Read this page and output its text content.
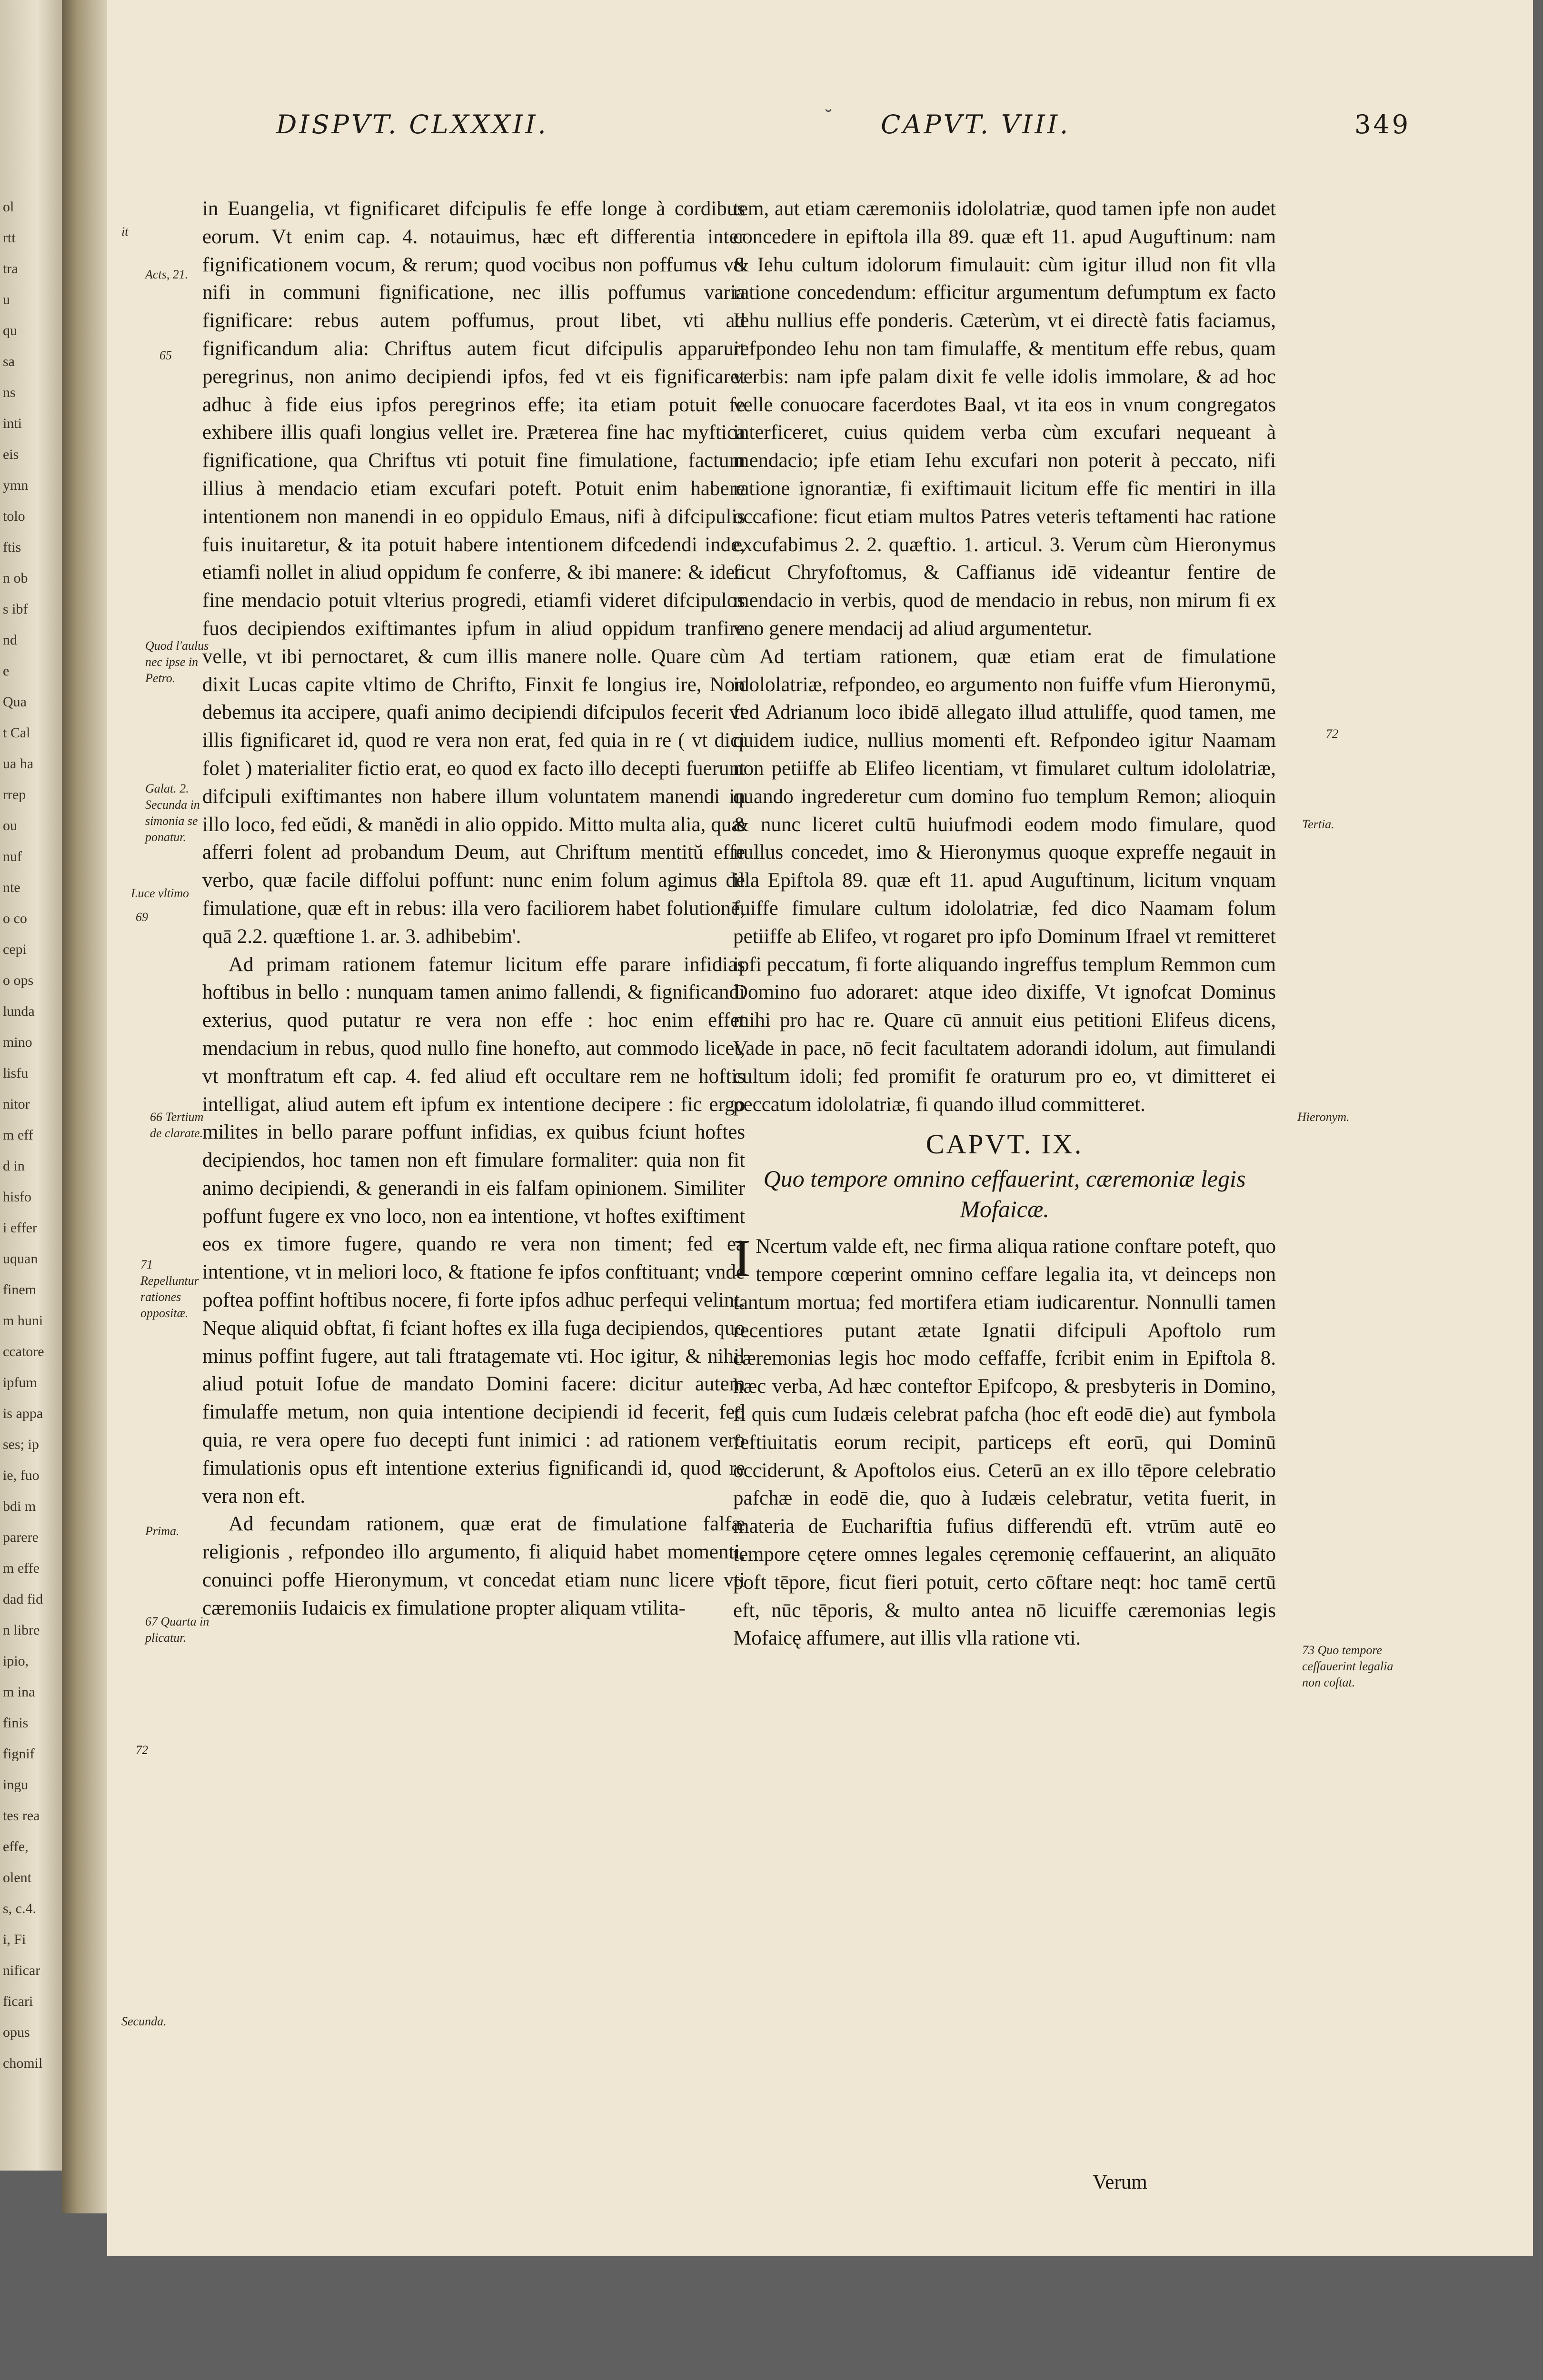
ol
rtt
tra
u
qu
sa
ns
inti
eis
ymn
tolo
ftis
n ob
s ibf
nd
e
Qua
t Cal
ua ha
rrep
ou
nuf
nte
o co
cepi
o ops
lunda
mino
lisfu
nitor
m eff
d in
hisfo
i effer
uquan
finem
m huni
ccatore
ipfum
is appa
ses; ip
ie, fuo
bdi m
parere
m effe
dad fid
n libre
ipio,
m ina
finis
fignif
ingu
tes rea
effe,
olent
s, c.4.
i, Fi
nificar
ficari
opus
chomil
DISPVT. CLXXXII.	˘ CAPVT. VIII.	349

in Euangelia, vt fignificaret difcipulis fe effe longe à cordibus eorum. Vt enim cap. 4. notauimus, hæc eft differentia inter fignificationem vocum, & rerum; quod vocibus non poffumus vti nifi in communi fignificatione, nec illis poffumus varia fignificare: rebus autem poffumus, prout libet, vti ad fignificandum alia: Chriftus autem ficut difcipulis apparuit peregrinus, non animo decipiendi ipfos, fed vt eis fignificaret adhuc à fide eius ipfos peregrinos effe; ita etiam potuit fe exhibere illis quafi longius vellet ire. Præterea fine hac myftica fignificatione, qua Chriftus vti potuit fine fimulatione, factum illius à mendacio etiam excufari poteft. Potuit enim habere intentionem non manendi in eo oppidulo Emaus, nifi à difcipulis fuis inuitaretur, & ita potuit habere intentionem difcedendi inde, etiamfi nollet in aliud oppidum fe conferre, & ibi manere: & ideo fine mendacio potuit vlterius progredi, etiamfi videret difcipulos fuos decipiendos exiftimantes ipfum in aliud oppidum tranfire velle, vt ibi pernoctaret, & cum illis manere nolle. Quare cùm dixit Lucas capite vltimo de Chrifto, Finxit fe longius ire, Non debemus ita accipere, quafi animo decipiendi difcipulos fecerit vt illis fignificaret id, quod re vera non erat, fed quia in re ( vt dici folet ) materialiter fictio erat, eo quod ex facto illo decepti fuerunt difcipuli exiftimantes non habere illum voluntatem manendi in illo loco, fed eŭdi, & manĕdi in alio oppido. Mitto multa alia, quæ afferri folent ad probandum Deum, aut Chriftum mentitŭ effe verbo, quæ facile diffolui poffunt: nunc enim folum agimus de fimulatione, quæ eft in rebus: illa vero faciliorem habet folutionē, quā 2.2. quæftione 1. ar. 3. adhibebim'.

Ad primam rationem fatemur licitum effe parare infidias hoftibus in bello : nunquam tamen animo fallendi, & fignificandi exterius, quod putatur re vera non effe : hoc enim effet mendacium in rebus, quod nullo fine honefto, aut commodo licet, vt monftratum eft cap. 4. fed aliud eft occultare rem ne hoftis intelligat, aliud autem eft ipfum ex intentione decipere : fic ergo milites in bello parare poffunt infidias, ex quibus fciunt hoftes decipiendos, hoc tamen non eft fimulare formaliter: quia non fit animo decipiendi, & generandi in eis falfam opinionem. Similiter poffunt fugere ex vno loco, non ea intentione, vt hoftes exiftiment eos ex timore fugere, quando re vera non timent; fed ea intentione, vt in meliori loco, & ftatione fe ipfos conftituant; vnde poftea poffint hoftibus nocere, fi forte ipfos adhuc perfequi velint. Neque aliquid obftat, fi fciant hoftes ex illa fuga decipiendos, quo minus poffint fugere, aut tali ftratagemate vti. Hoc igitur, & nihil aliud potuit Iofue de mandato Domini facere: dicitur autem fimulaffe metum, non quia intentione decipiendi id fecerit, fed quia, re vera opere fuo decepti funt inimici : ad rationem vero fimulationis opus eft intentione exterius fignificandi id, quod re vera non eft.

Ad fecundam rationem, quæ erat de fimulatione falfæ religionis , refpondeo illo argumento, fi aliquid habet momenti, conuinci poffe Hieronymum, vt concedat etiam nunc licere vti cæremoniis Iudaicis ex fimulatione propter aliquam vtilita-

tem, aut etiam cæremoniis idololatriæ, quod tamen ipfe non audet concedere in epiftola illa 89. quæ eft 11. apud Auguftinum: nam & Iehu cultum idolorum fimulauit: cùm igitur illud non fit vlla ratione concedendum: efficitur argumentum defumptum ex facto Iehu nullius effe ponderis. Cæterùm, vt ei directè fatis faciamus, refpondeo Iehu non tam fimulaffe, & mentitum effe rebus, quam verbis: nam ipfe palam dixit fe velle idolis immolare, & ad hoc velle conuocare facerdotes Baal, vt ita eos in vnum congregatos interficeret, cuius quidem verba cùm excufari nequeant à mendacio; ipfe etiam Iehu excufari non poterit à peccato, nifi ratione ignorantiæ, fi exiftimauit licitum effe fic mentiri in illa occafione: ficut etiam multos Patres veteris teftamenti hac ratione excufabimus 2. 2. quæftio. 1. articul. 3. Verum cùm Hieronymus ficut Chryfoftomus, & Caffianus idē videantur fentire de mendacio in verbis, quod de mendacio in rebus, non mirum fi ex vno genere mendacij ad aliud argumentetur.

Ad tertiam rationem, quæ etiam erat de fimulatione idololatriæ, refpondeo, eo argumento non fuiffe vfum Hieronymū, fed Adrianum loco ibidē allegato illud attuliffe, quod tamen, me quidem iudice, nullius momenti eft. Refpondeo igitur Naamam non petiiffe ab Elifeo licentiam, vt fimularet cultum idololatriæ, quando ingrederetur cum domino fuo templum Remon; alioquin & nunc liceret cultū huiufmodi eodem modo fimulare, quod nullus concedet, imo & Hieronymus quoque expreffe negauit in illa Epiftola 89. quæ eft 11. apud Auguftinum, licitum vnquam fuiffe fimulare cultum idololatriæ, fed dico Naamam folum petiiffe ab Elifeo, vt rogaret pro ipfo Dominum Ifrael vt remitteret ipfi peccatum, fi forte aliquando ingreffus templum Remmon cum Domino fuo adoraret: atque ideo dixiffe, Vt ignofcat Dominus mihi pro hac re. Quare cū annuit eius petitioni Elifeus dicens, Vade in pace, nō fecit facultatem adorandi idolum, aut fimulandi cultum idoli; fed promifit fe oraturum pro eo, vt dimitteret ei peccatum idololatriæ, fi quando illud committeret.

CAPVT. IX.
Quo tempore omnino ceffauerint, cæremoniæ legis Mofaicæ.

I Ncertum valde eft, nec firma aliqua ratione conftare poteft, quo tempore cœperint omnino ceffare legalia ita, vt deinceps non tantum mortua; fed mortifera etiam iudicarentur. Nonnulli tamen recentiores putant ætate Ignatii difcipuli Apoftolo rum cæremonias legis hoc modo ceffaffe, fcribit enim in Epiftola 8. hæc verba, Ad hæc conteftor Epifcopo, & presbyteris in Domino, fi quis cum Iudæis celebrat pafcha (hoc eft eodē die) aut fymbola feftiuitatis eorum recipit, particeps eft eorū, qui Dominū occiderunt, & Apoftolos eius. Ceterū an ex illo tēpore celebratio pafchæ in eodē die, quo à Iudæis celebratur, vetita fuerit, in materia de Euchariftia fufius differendū eft. vtrūm autē eo tempore cętere omnes legales cęremonię ceffauerint, an aliquāto poft tēpore, ficut fieri potuit, certo cōftare neqt: hoc tamē certū eft, nūc tēporis, & multo antea nō licuiffe cæremonias legis Mofaicę affumere, aut illis vlla ratione vti.

it
Acts, 21.
65
Quod l'aulus nec ipse in Petro.
Galat. 2. Secunda in simonia se ponatur.
Luce vltimo
69
66 Tertium de clarate.
71 Repelluntur rationes oppositæ.
Prima.
67 Quarta in plicatur.
72
Secunda.
72
Tertia.
Hieronym.
73 Quo tempore ceſſauerint legalia non coſtat.
Verum
